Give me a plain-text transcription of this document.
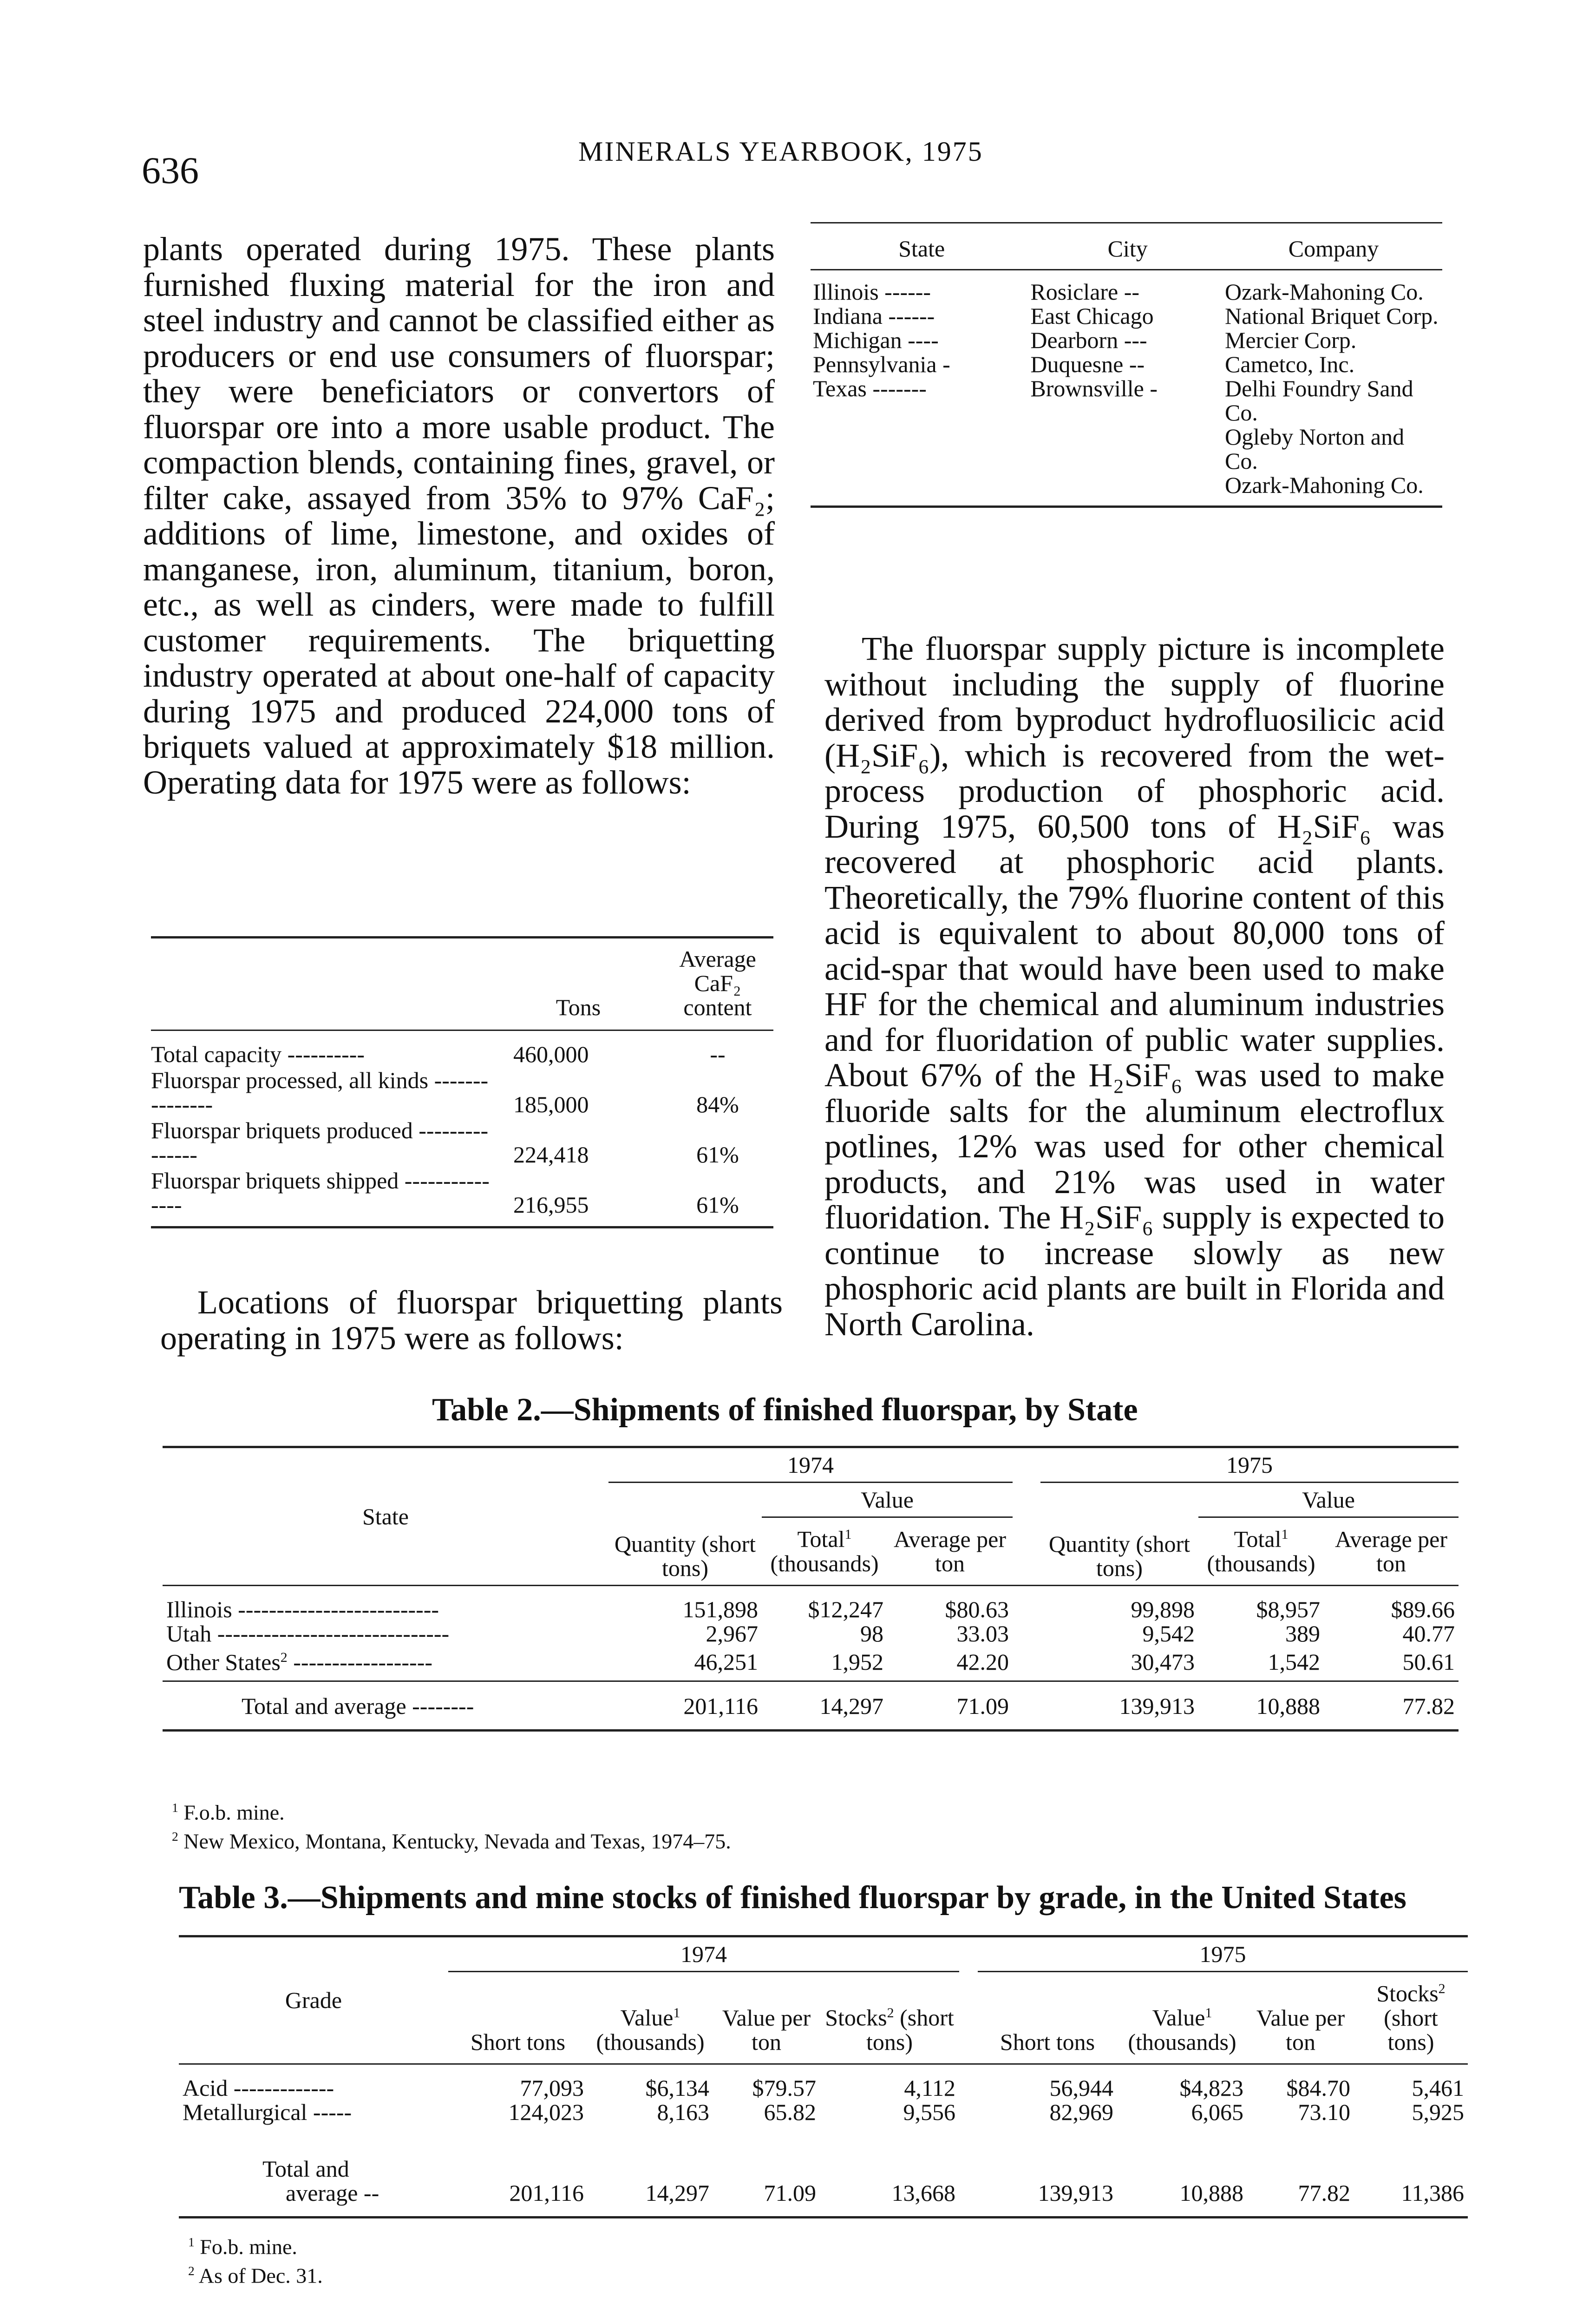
636	MINERALS YEARBOOK, 1975

plants operated during 1975. These plants furnished fluxing material for the iron and steel industry and cannot be classified either as producers or end use consumers of fluorspar; they were beneficiators or convertors of fluorspar ore into a more usable product. The compaction blends, containing fines, gravel, or filter cake, assayed from 35% to 97% CaF₂; additions of lime, limestone, and oxides of manganese, iron, aluminum, titanium, boron, etc., as well as cinders, were made to fulfill customer requirements. The briquetting industry operated at about one-half of capacity during 1975 and produced 224,000 tons of briquets valued at approximately $18 million. Operating data for 1975 were as follows:

	Tons	Average CaF₂ content
Total capacity ----------	460,000	--
Fluorspar processed, all kinds ---------------	185,000	84%
Fluorspar briquets produced ---------------	224,418	61%
Fluorspar briquets shipped ---------------	216,955	61%

Locations of fluorspar briquetting plants operating in 1975 were as follows:

State	City	Company
Illinois ------	Rosiclare --	Ozark-Mahoning Co.
Indiana ------	East Chicago	National Briquet Corp.
Michigan ----	Dearborn ---	Mercier Corp.
Pennsylvania -	Duquesne --	Cametco, Inc.
Texas -------	Brownsville -	Delhi Foundry Sand Co.
		Ogleby Norton and Co.
		Ozark-Mahoning Co.

The fluorspar supply picture is incomplete without including the supply of fluorine derived from byproduct hydrofluosilicic acid (H₂SiF₆), which is recovered from the wet-process production of phosphoric acid. During 1975, 60,500 tons of H₂SiF₆ was recovered at phosphoric acid plants. Theoretically, the 79% fluorine content of this acid is equivalent to about 80,000 tons of acid-spar that would have been used to make HF for the chemical and aluminum industries and for fluoridation of public water supplies. About 67% of the H₂SiF₆ was used to make fluoride salts for the aluminum electroflux potlines, 12% was used for other chemical products, and 21% was used in water fluoridation. The H₂SiF₆ supply is expected to continue to increase slowly as new phosphoric acid plants are built in Florida and North Carolina.

Table 2.—Shipments of finished fluorspar, by State
State	1974				1975		
	Quantity (short tons)	Value			Quantity (short tons)	Value	
		Total$^1$ (thousands)	Average per ton			Total$^1$ (thousands)	Average per ton
Illinois --------------------------	151,898	$12,247	$80.63		99,898	$8,957	$89.66
Utah ------------------------------	2,967	98	33.03		9,542	389	40.77
Other States$^2$ ------------------	46,251	1,952	42.20		30,473	1,542	50.61
Total and average --------	201,116	14,297	71.09		139,913	10,888	77.82

$^1$ F.o.b. mine.

$^2$ New Mexico, Montana, Kentucky, Nevada and Texas, 1974–75.

Table 3.—Shipments and mine stocks of finished fluorspar by grade, in the United States
Grade	1974					1975			
	Short tons	Value$^1$ (thousands)	Value per ton	Stocks$^2$ (short tons)		Short tons	Value$^1$ (thousands)	Value per ton	Stocks$^2$ (short tons)
Acid -------------	77,093	$6,134	$79.57	4,112		56,944	$4,823	$84.70	5,461
Metallurgical -----	124,023	8,163	65.82	9,556		82,969	6,065	73.10	5,925

Total and
average --	201,116	14,297	71.09	13,668		139,913	10,888	77.82	11,386

$^1$ Fo.b. mine.

$^2$ As of Dec. 31.
